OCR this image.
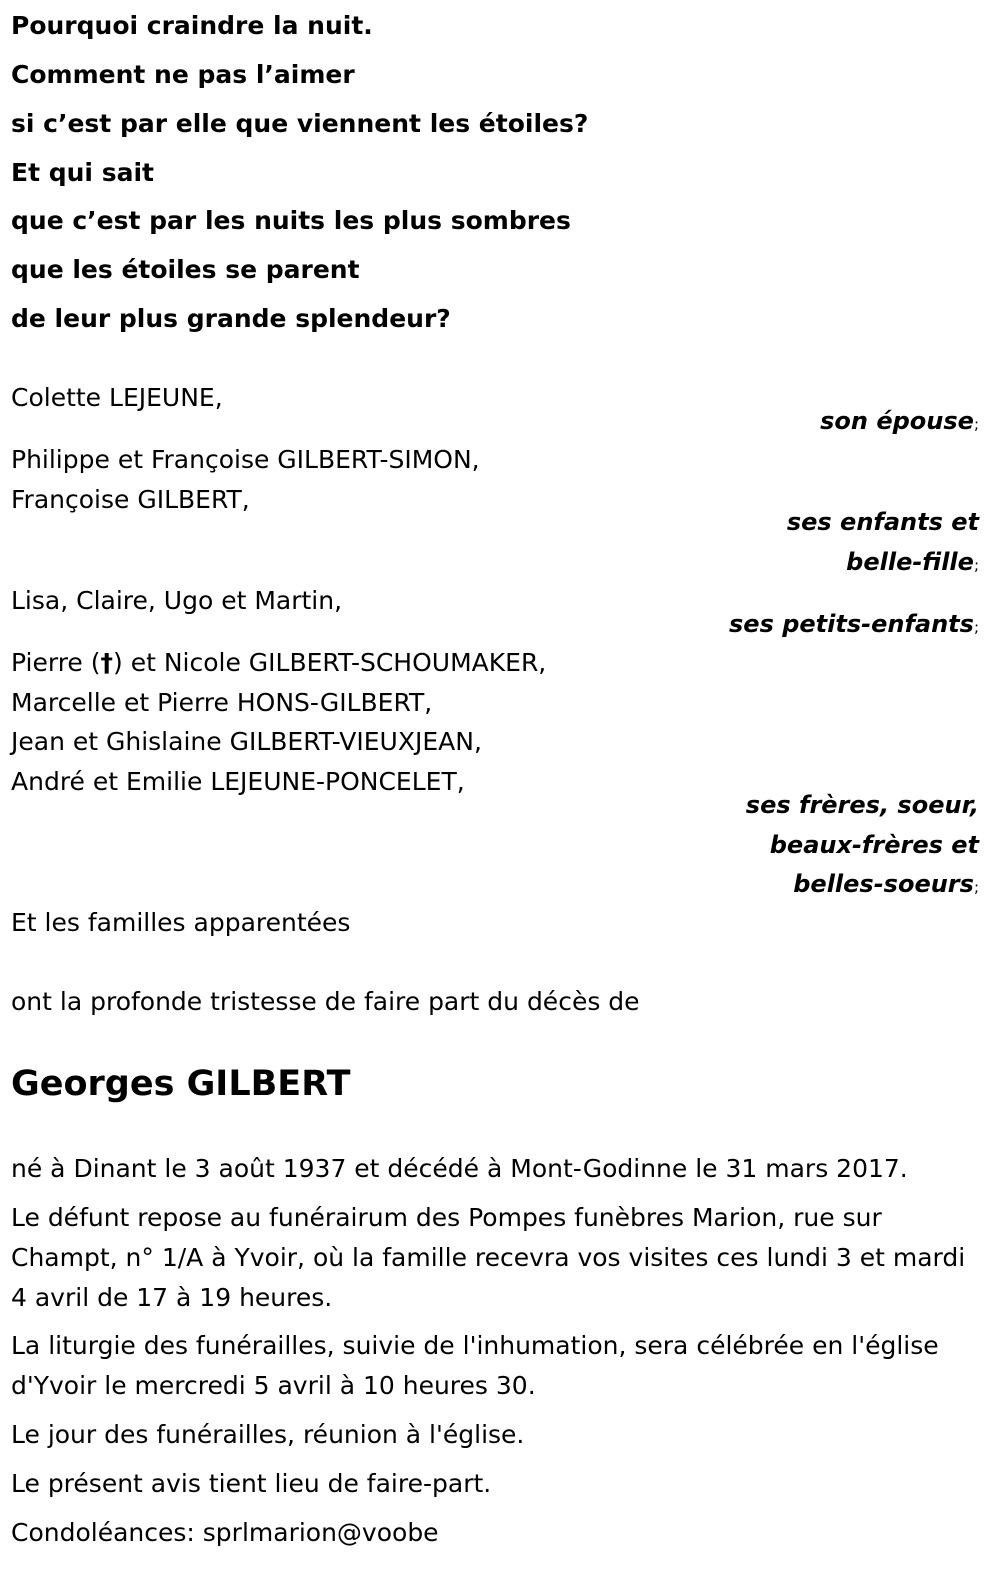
Pourquoi craindre la nuit.
Comment ne pas l’aimer
si c’est par elle que viennent les étoiles?
Et qui sait
que c’est par les nuits les plus sombres
que les étoiles se parent
de leur plus grande splendeur?
Colette LEJEUNE,
son épouse;
Philippe et Françoise GILBERT-SIMON,
Françoise GILBERT,
ses enfants et
belle-fille;
Lisa, Claire, Ugo et Martin,
ses petits-enfants;
Pierre (†) et Nicole GILBERT-SCHOUMAKER,
Marcelle et Pierre HONS-GILBERT,
Jean et Ghislaine GILBERT-VIEUXJEAN,
André et Emilie LEJEUNE-PONCELET,
ses frères, soeur,
beaux-frères et
belles-soeurs;
Et les familles apparentées
ont la profonde tristesse de faire part du décès de
Georges GILBERT
né à Dinant le 3 août 1937 et décédé à Mont-Godinne le 31 mars 2017.
Le défunt repose au funérairum des Pompes funèbres Marion, rue sur Champt, n° 1/A à Yvoir, où la famille recevra vos visites ces lundi 3 et mardi 4 avril de 17 à 19 heures.
La liturgie des funérailles, suivie de l'inhumation, sera célébrée en l'église d'Yvoir le mercredi 5 avril à 10 heures 30.
Le jour des funérailles, réunion à l'église.
Le présent avis tient lieu de faire-part.
Condoléances: sprlmarion@voobe
